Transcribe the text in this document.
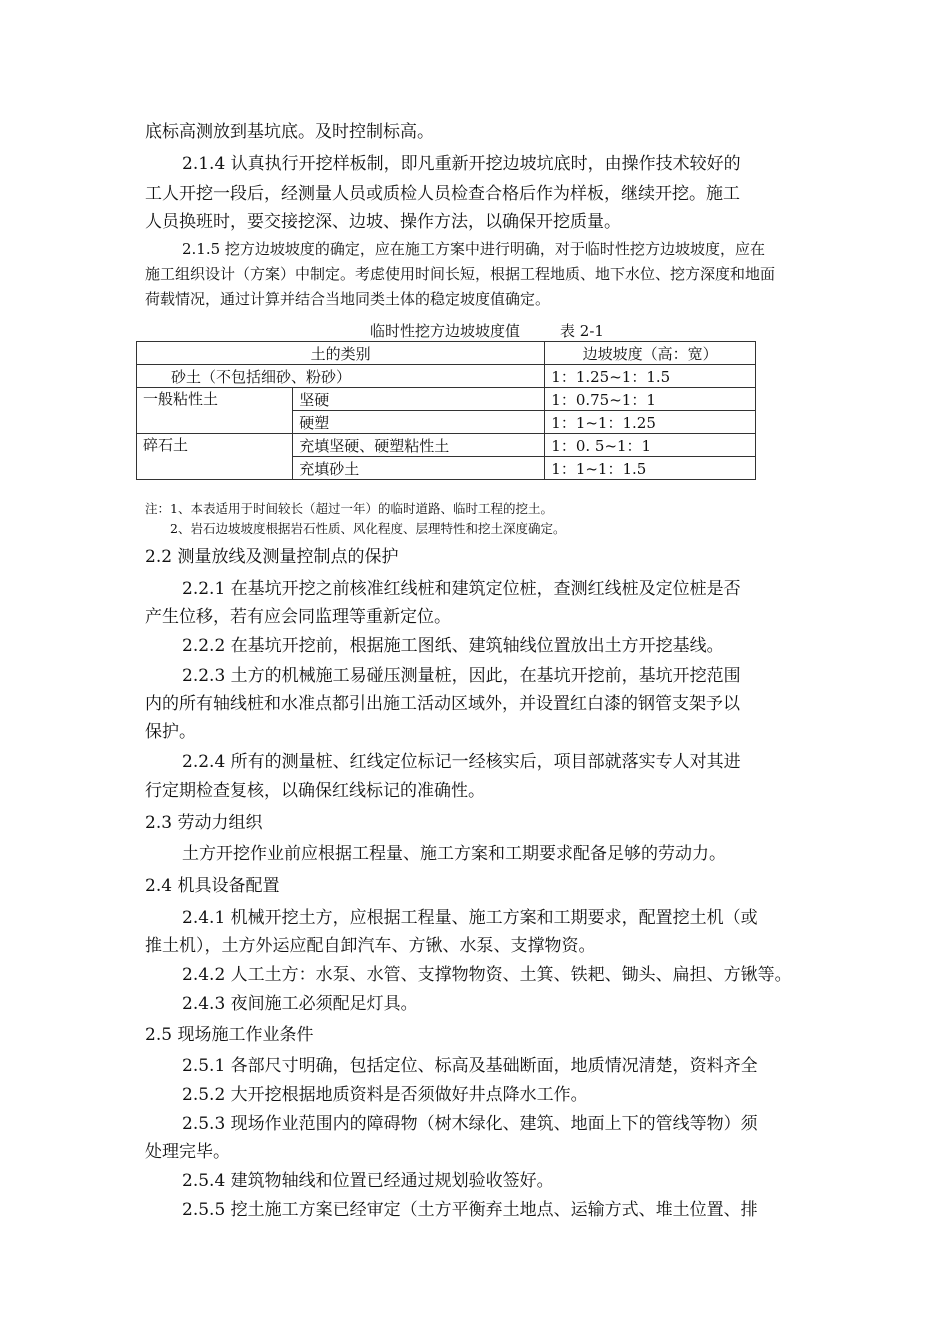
底标高测放到基坑底。及时控制标高。
2.1.4 认真执行开挖样板制，即凡重新开挖边坡坑底时，由操作技术较好的
工人开挖一段后，经测量人员或质检人员检查合格后作为样板，继续开挖。施工
人员换班时，要交接挖深、边坡、操作方法，以确保开挖质量。
2.1.5 挖方边坡坡度的确定，应在施工方案中进行明确，对于临时性挖方边坡坡度，应在
施工组织设计（方案）中制定。考虑使用时间长短，根据工程地质、地下水位、挖方深度和地面
荷载情况，通过计算并结合当地同类土体的稳定坡度值确定。
临时性挖方边坡坡度值	表 2-1
土的类别		边坡坡度（高：宽）
砂土（不包括细砂、粉砂）		1：1.25~1：1.5
一般粘性土	坚硬	1：0.75~1：1
	硬塑	1：1~1：1.25
碎石土	充填坚硬、硬塑粘性土	1：0. 5~1：1
	充填砂土	1：1~1：1.5
注：1、本表适用于时间较长（超过一年）的临时道路、临时工程的挖土。
2、岩石边坡坡度根据岩石性质、风化程度、层理特性和挖土深度确定。
2.2 测量放线及测量控制点的保护
2.2.1 在基坑开挖之前核准红线桩和建筑定位桩，查测红线桩及定位桩是否
产生位移，若有应会同监理等重新定位。
2.2.2 在基坑开挖前，根据施工图纸、建筑轴线位置放出土方开挖基线。
2.2.3 土方的机械施工易碰压测量桩，因此，在基坑开挖前，基坑开挖范围
内的所有轴线桩和水准点都引出施工活动区域外，并设置红白漆的钢管支架予以
保护。
2.2.4 所有的测量桩、红线定位标记一经核实后，项目部就落实专人对其进
行定期检查复核，以确保红线标记的准确性。
2.3 劳动力组织
土方开挖作业前应根据工程量、施工方案和工期要求配备足够的劳动力。
2.4 机具设备配置
2.4.1 机械开挖土方，应根据工程量、施工方案和工期要求，配置挖土机（或
推土机），土方外运应配自卸汽车、方锹、水泵、支撑物资。
2.4.2 人工土方：水泵、水管、支撑物物资、土箕、铁耙、锄头、扁担、方锹等。
2.4.3 夜间施工必须配足灯具。
2.5 现场施工作业条件
2.5.1 各部尺寸明确，包括定位、标高及基础断面，地质情况清楚，资料齐全
2.5.2 大开挖根据地质资料是否须做好井点降水工作。
2.5.3 现场作业范围内的障碍物（树木绿化、建筑、地面上下的管线等物）须
处理完毕。
2.5.4 建筑物轴线和位置已经通过规划验收签好。
2.5.5 挖土施工方案已经审定（土方平衡弃土地点、运输方式、堆土位置、排
